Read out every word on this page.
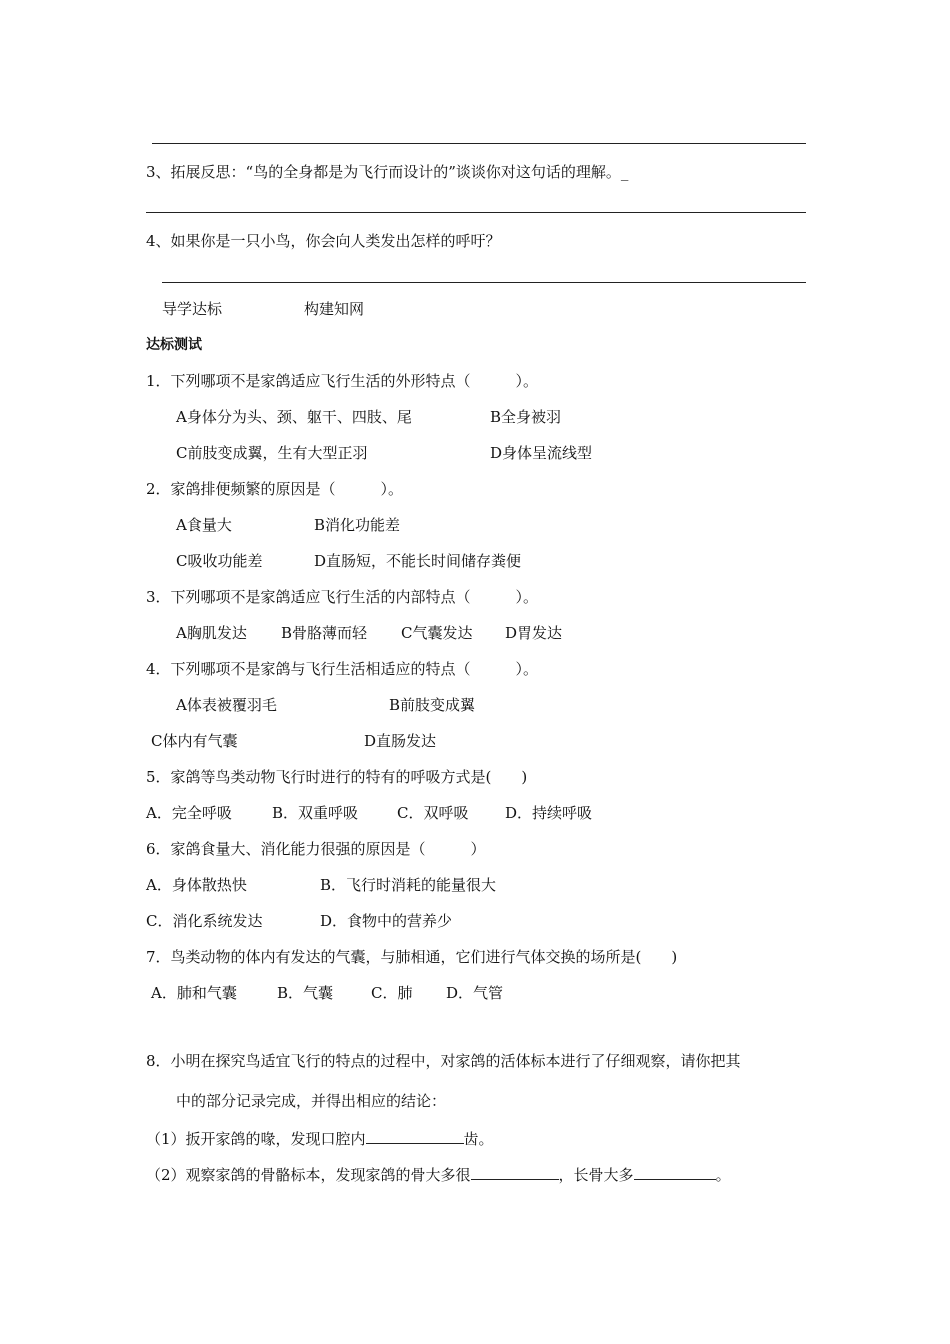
3、拓展反思：“鸟的全身都是为飞行而设计的”谈谈你对这句话的理解。_
4、如果你是一只小鸟，你会向人类发出怎样的呼吁？
导学达标	构建知网
达标测试
1．下列哪项不是家鸽适应飞行生活的外形特点（　　　）。
A身体分为头、颈、躯干、四肢、尾	B全身被羽
C前肢变成翼，生有大型正羽	D身体呈流线型
2．家鸽排便频繁的原因是（　　　）。
A食量大	B消化功能差
C吸收功能差	D直肠短，不能长时间储存粪便
3．下列哪项不是家鸽适应飞行生活的内部特点（　　　）。
A胸肌发达 B骨胳薄而轻 C气囊发达 D胃发达
4．下列哪项不是家鸽与飞行生活相适应的特点（　　　）。
A体表被覆羽毛	B前肢变成翼
C体内有气囊	D直肠发达
5．家鸽等鸟类动物飞行时进行的特有的呼吸方式是(　　)
A．完全呼吸	B．双重呼吸	C．双呼吸 D．持续呼吸
6．家鸽食量大、消化能力很强的原因是（　　　）
A．身体散热快	B．飞行时消耗的能量很大
C．消化系统发达	D．食物中的营养少
7．鸟类动物的体内有发达的气囊，与肺相通，它们进行气体交换的场所是(　　)
A．肺和气囊	B．气囊	C．肺 D．气管
8．小明在探究鸟适宜飞行的特点的过程中，对家鸽的活体标本进行了仔细观察，请你把其
中的部分记录完成，并得出相应的结论：
（1）扳开家鸽的喙，发现口腔内	齿。
（2）观察家鸽的骨骼标本，发现家鸽的骨大多很	，长骨大多	。
